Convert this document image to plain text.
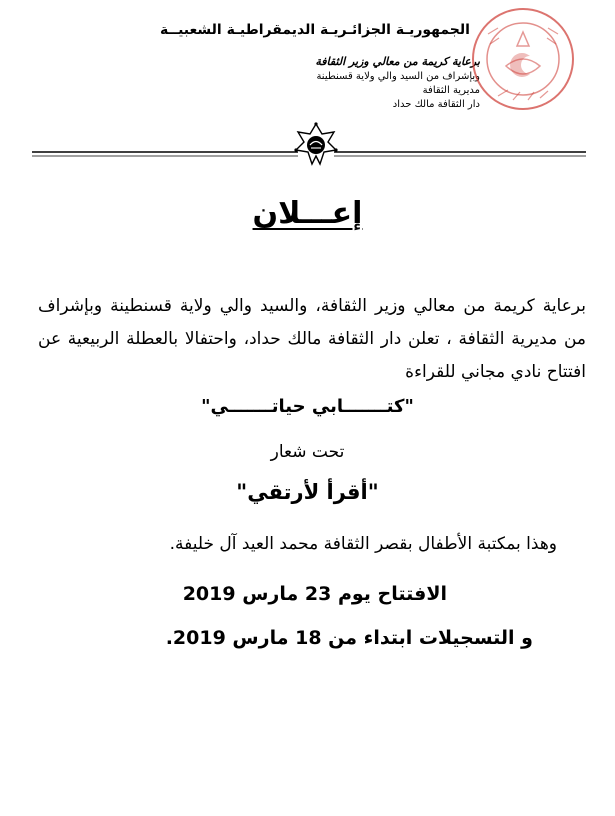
الجمهوريـة الجزائـريـة الديمقراطيـة الشعبيــة
برعاية كريمة من معالي وزير الثقافة
وبإشراف من السيد والي ولاية قسنطينة
مديرية الثقافة
دار الثقافة مالك حداد
إعـــلان
برعاية كريمة من معالي وزير الثقافة، والسيد والي ولاية قسنطينة وبإشراف من مديرية الثقافة ، تعلن دار الثقافة مالك حداد، واحتفالا بالعطلة الربيعية عن افتتاح نادي مجاني للقراءة
"كتـــــــابي حياتـــــــي"
تحت شعار
"أقرأ لأرتقي"
وهذا بمكتبة الأطفال بقصر الثقافة محمد العيد آل خليفة.
الافتتاح يوم 23 مارس 2019
و التسجيلات ابتداء من 18 مارس 2019.
